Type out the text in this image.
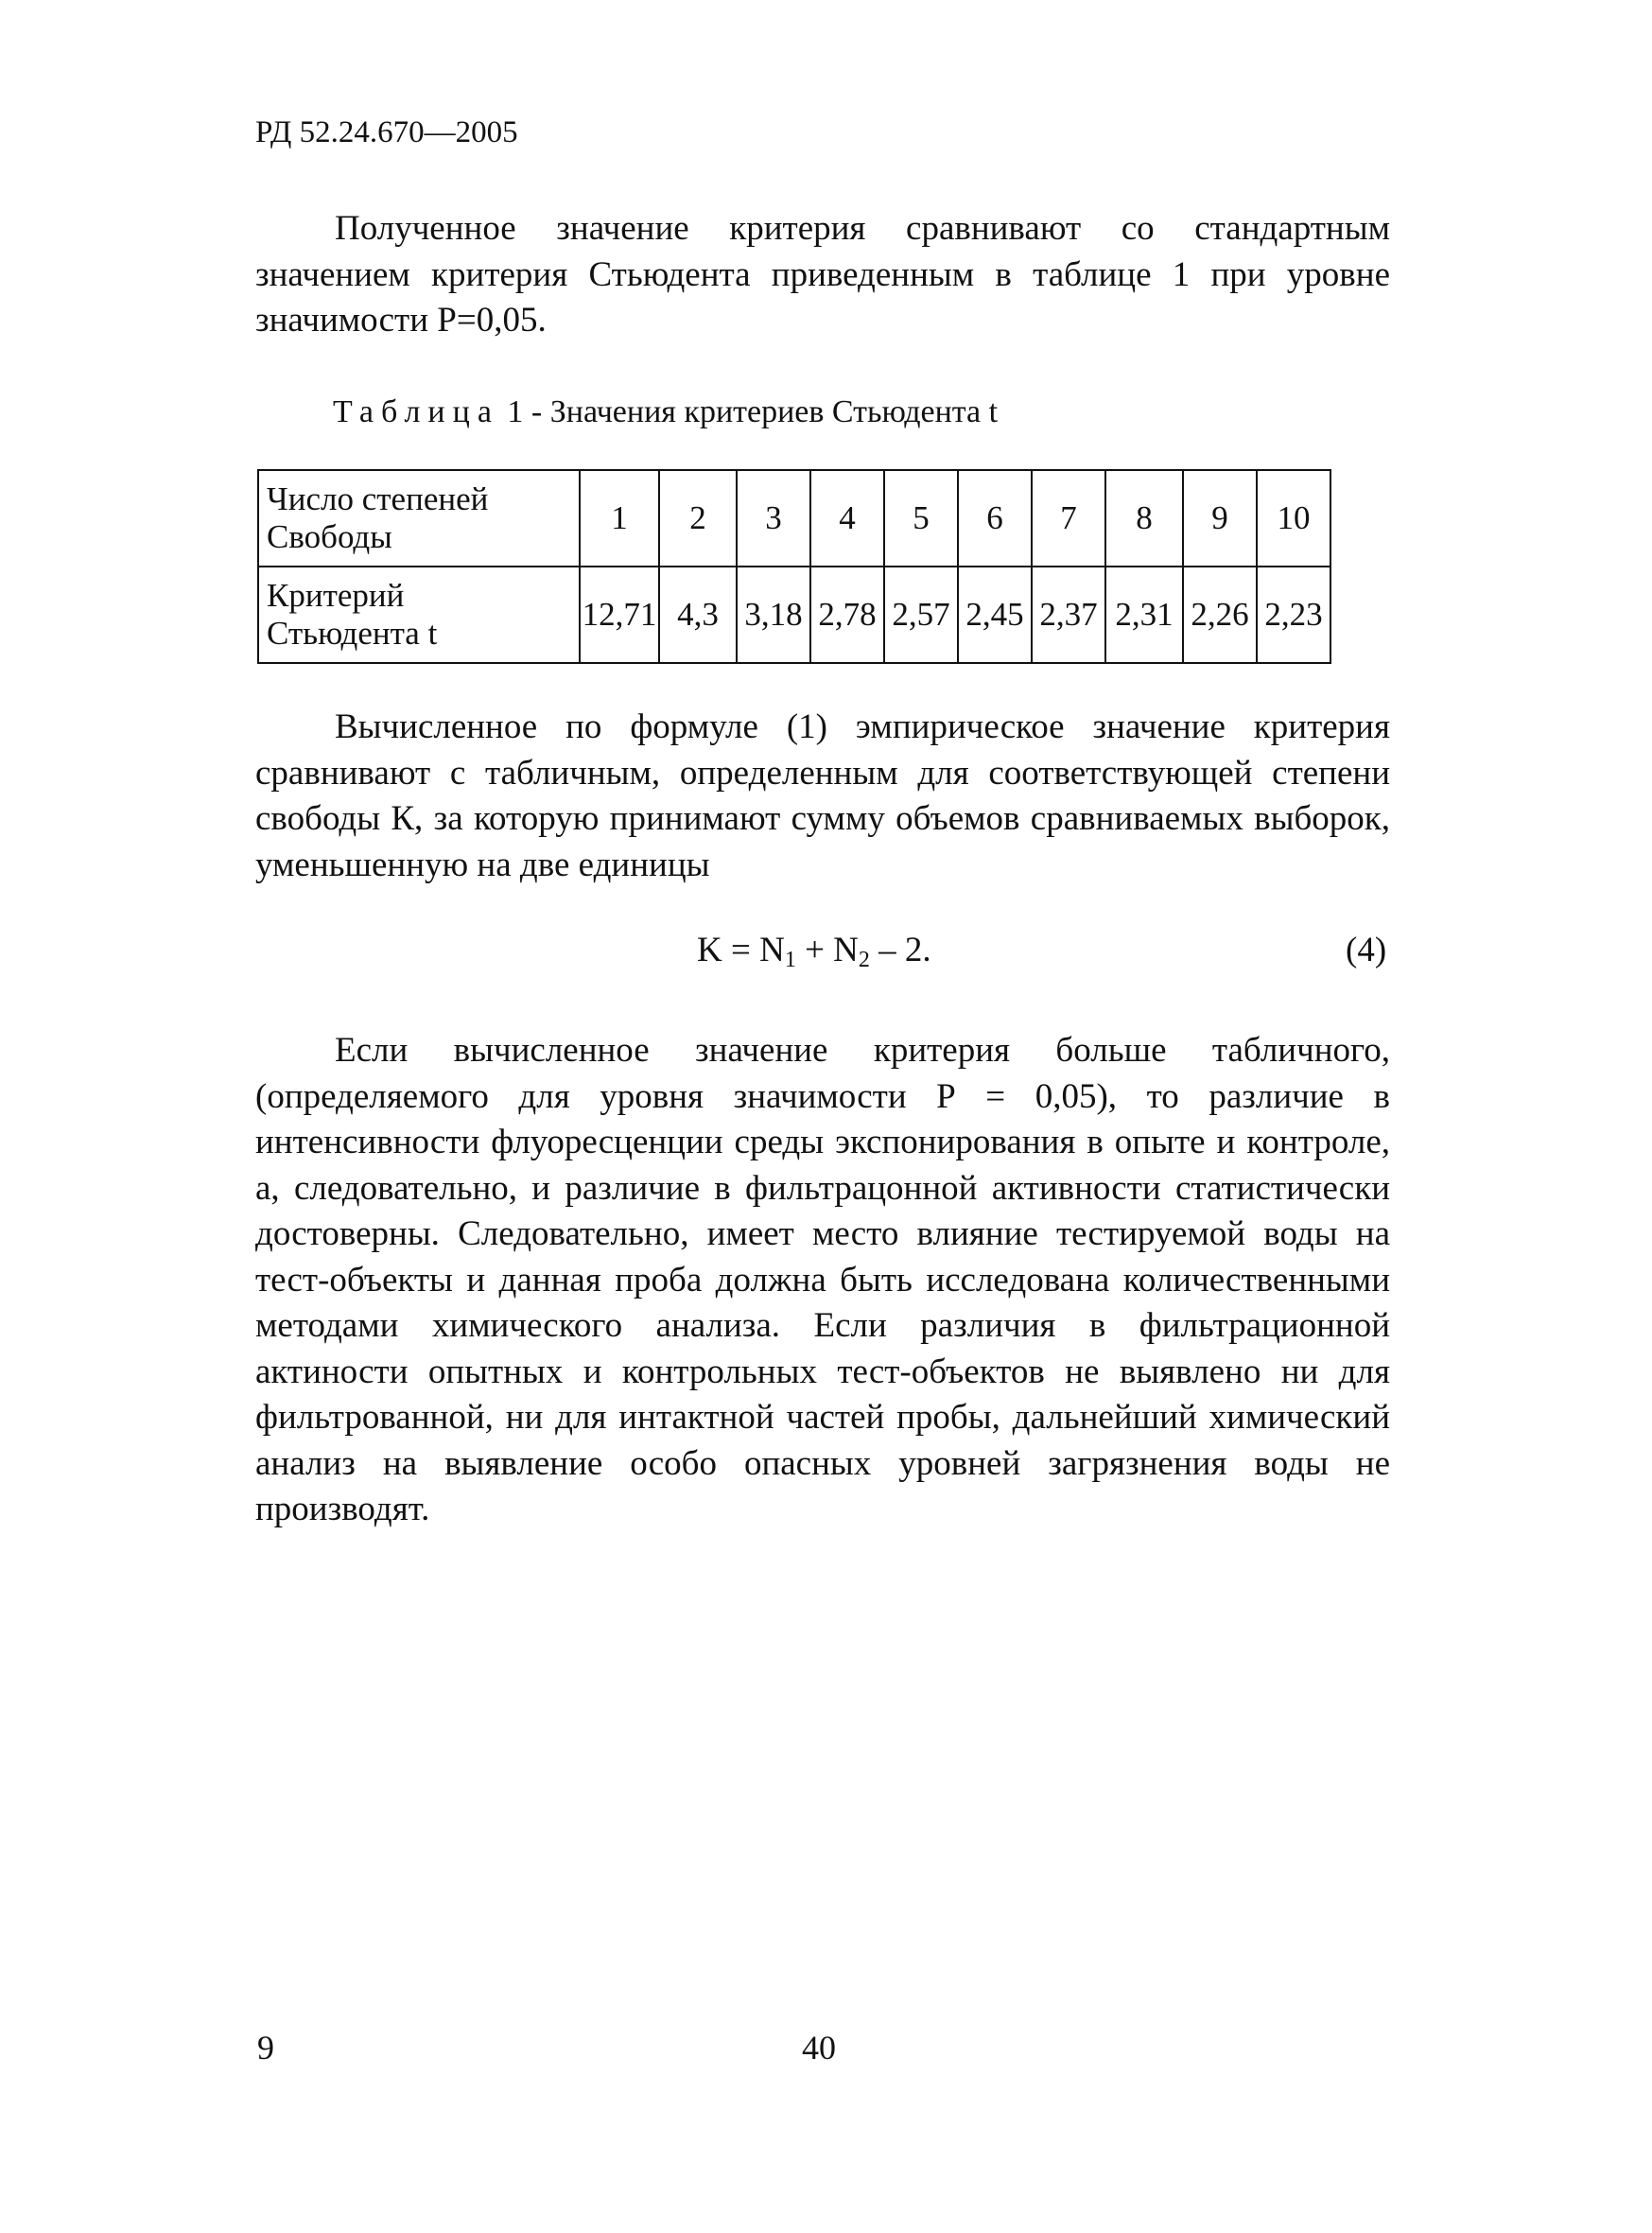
РД 52.24.670—2005

Полученное значение критерия сравнивают со стандартным значением критерия Стьюдента приведенным в таблице 1 при уровне значимости Р=0,05.

Таблица 1 - Значения критериев Стьюдента t
Число степеней
Свободы	1	2	3	4	5	6	7	8	9	10
Критерий
Стьюдента t	12,71	4,3	3,18	2,78	2,57	2,45	2,37	2,31	2,26	2,23

Вычисленное по формуле (1) эмпирическое значение критерия сравнивают с табличным, определенным для соответствующей степени свободы К, за которую принимают сумму объемов сравниваемых выборок, уменьшенную на две единицы

$K = N_1 + N_2 - 2$.	(4)

Если вычисленное значение критерия больше табличного, (определяемого для уровня значимости Р = 0,05), то различие в интенсивности флуоресценции среды экспонирования в опыте и контроле, а, следовательно, и различие в фильтрацонной активности статистически достоверны. Следовательно, имеет место влияние тестируемой воды на тест-объекты и данная проба должна быть исследована количественными методами химического анализа. Если различия в фильтрационной актиности опытных и контрольных тест-объектов не выявлено ни для фильтрованной, ни для интактной частей пробы, дальнейший химический анализ на выявление особо опасных уровней загрязнения воды не производят.

9	40
